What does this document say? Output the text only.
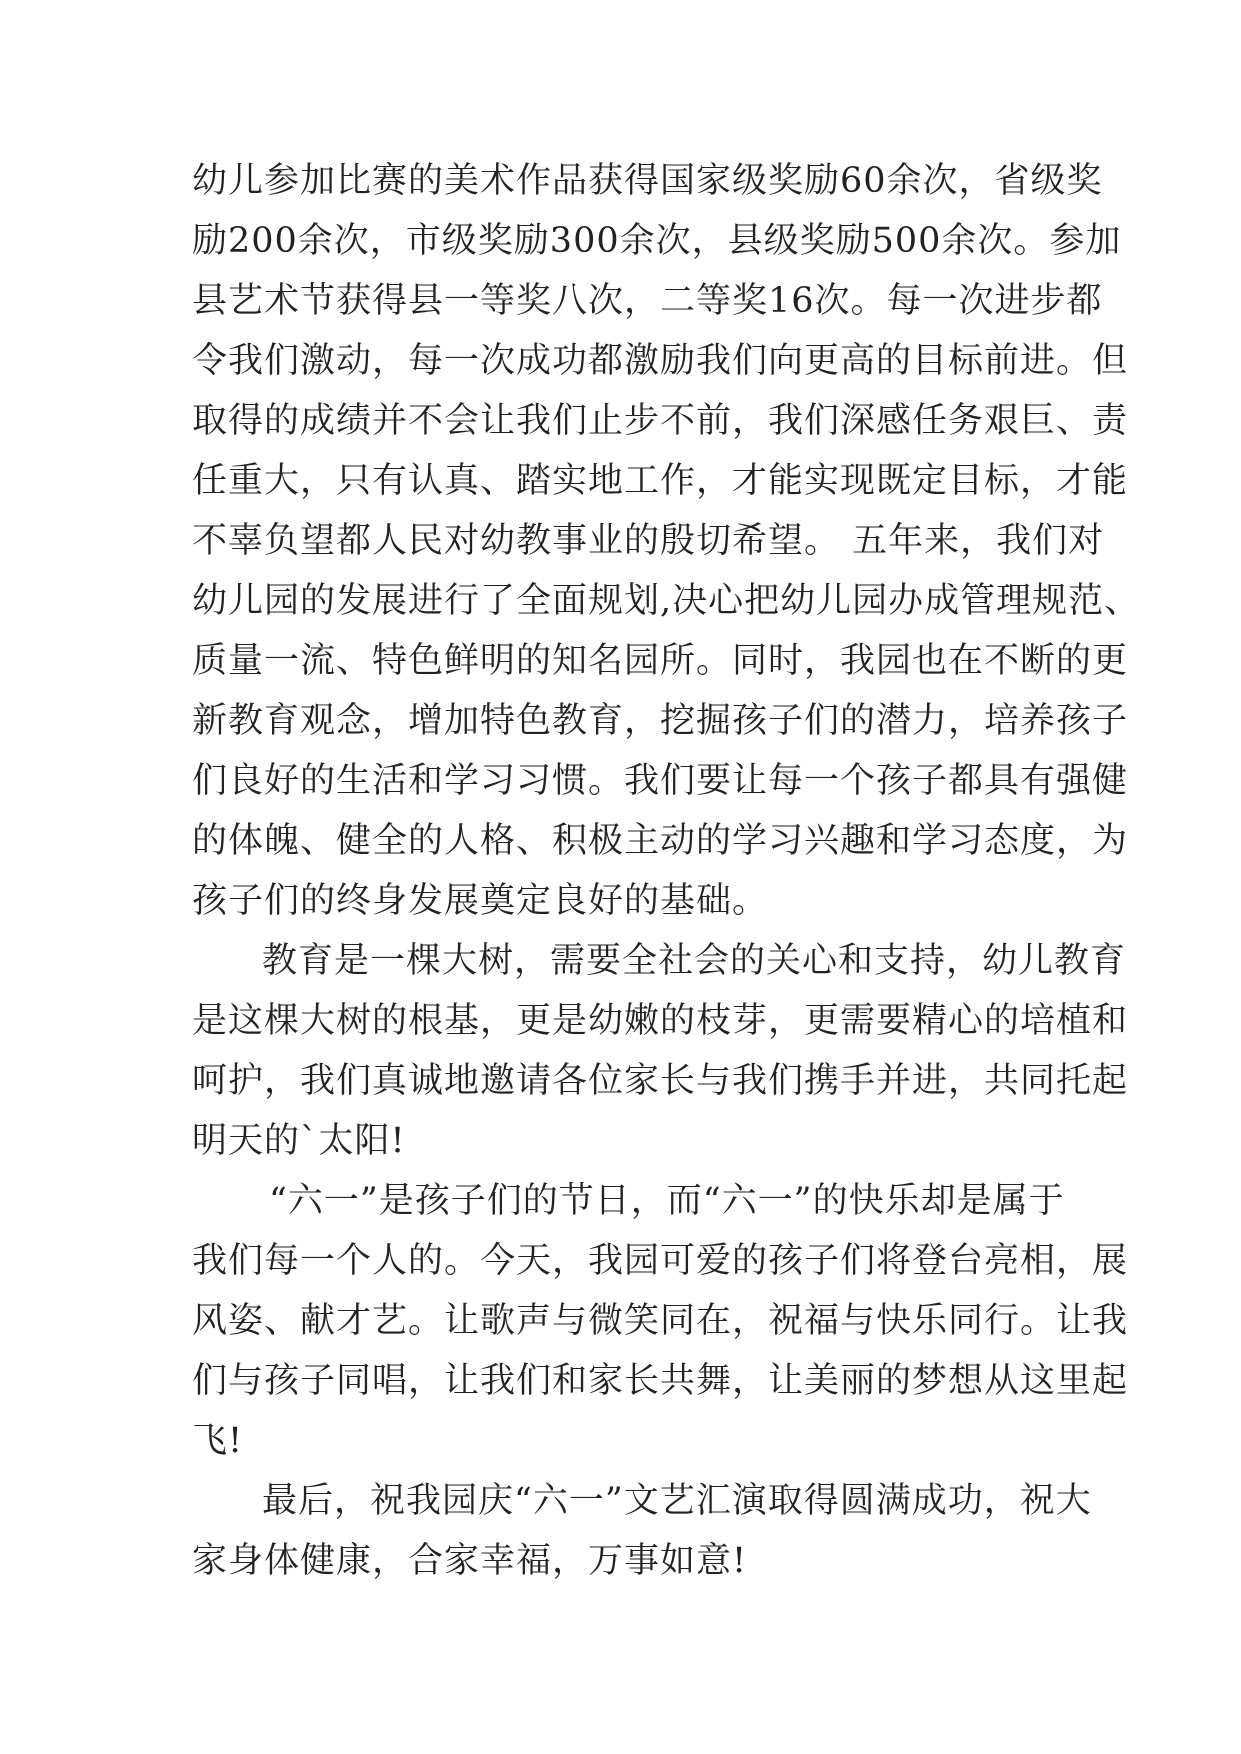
幼儿参加比赛的美术作品获得国家级奖励60余次，省级奖
励200余次，市级奖励300余次，县级奖励500余次。参加
县艺术节获得县一等奖八次，二等奖16次。每一次进步都
令我们激动，每一次成功都激励我们向更高的目标前进。但
取得的成绩并不会让我们止步不前，我们深感任务艰巨、责
任重大，只有认真、踏实地工作，才能实现既定目标，才能
不辜负望都人民对幼教事业的殷切希望。 五年来，我们对
幼儿园的发展进行了全面规划,决心把幼儿园办成管理规范、
质量一流、特色鲜明的知名园所。同时，我园也在不断的更
新教育观念，增加特色教育，挖掘孩子们的潜力，培养孩子
们良好的生活和学习习惯。我们要让每一个孩子都具有强健
的体魄、健全的人格、积极主动的学习兴趣和学习态度，为
孩子们的终身发展奠定良好的基础。
教育是一棵大树，需要全社会的关心和支持，幼儿教育
是这棵大树的根基，更是幼嫩的枝芽，更需要精心的培植和
呵护，我们真诚地邀请各位家长与我们携手并进，共同托起
明天的`太阳!
“六一”是孩子们的节日，而“六一”的快乐却是属于
我们每一个人的。今天，我园可爱的孩子们将登台亮相，展
风姿、献才艺。让歌声与微笑同在，祝福与快乐同行。让我
们与孩子同唱，让我们和家长共舞，让美丽的梦想从这里起
飞!
最后，祝我园庆“六一”文艺汇演取得圆满成功，祝大
家身体健康，合家幸福，万事如意!
